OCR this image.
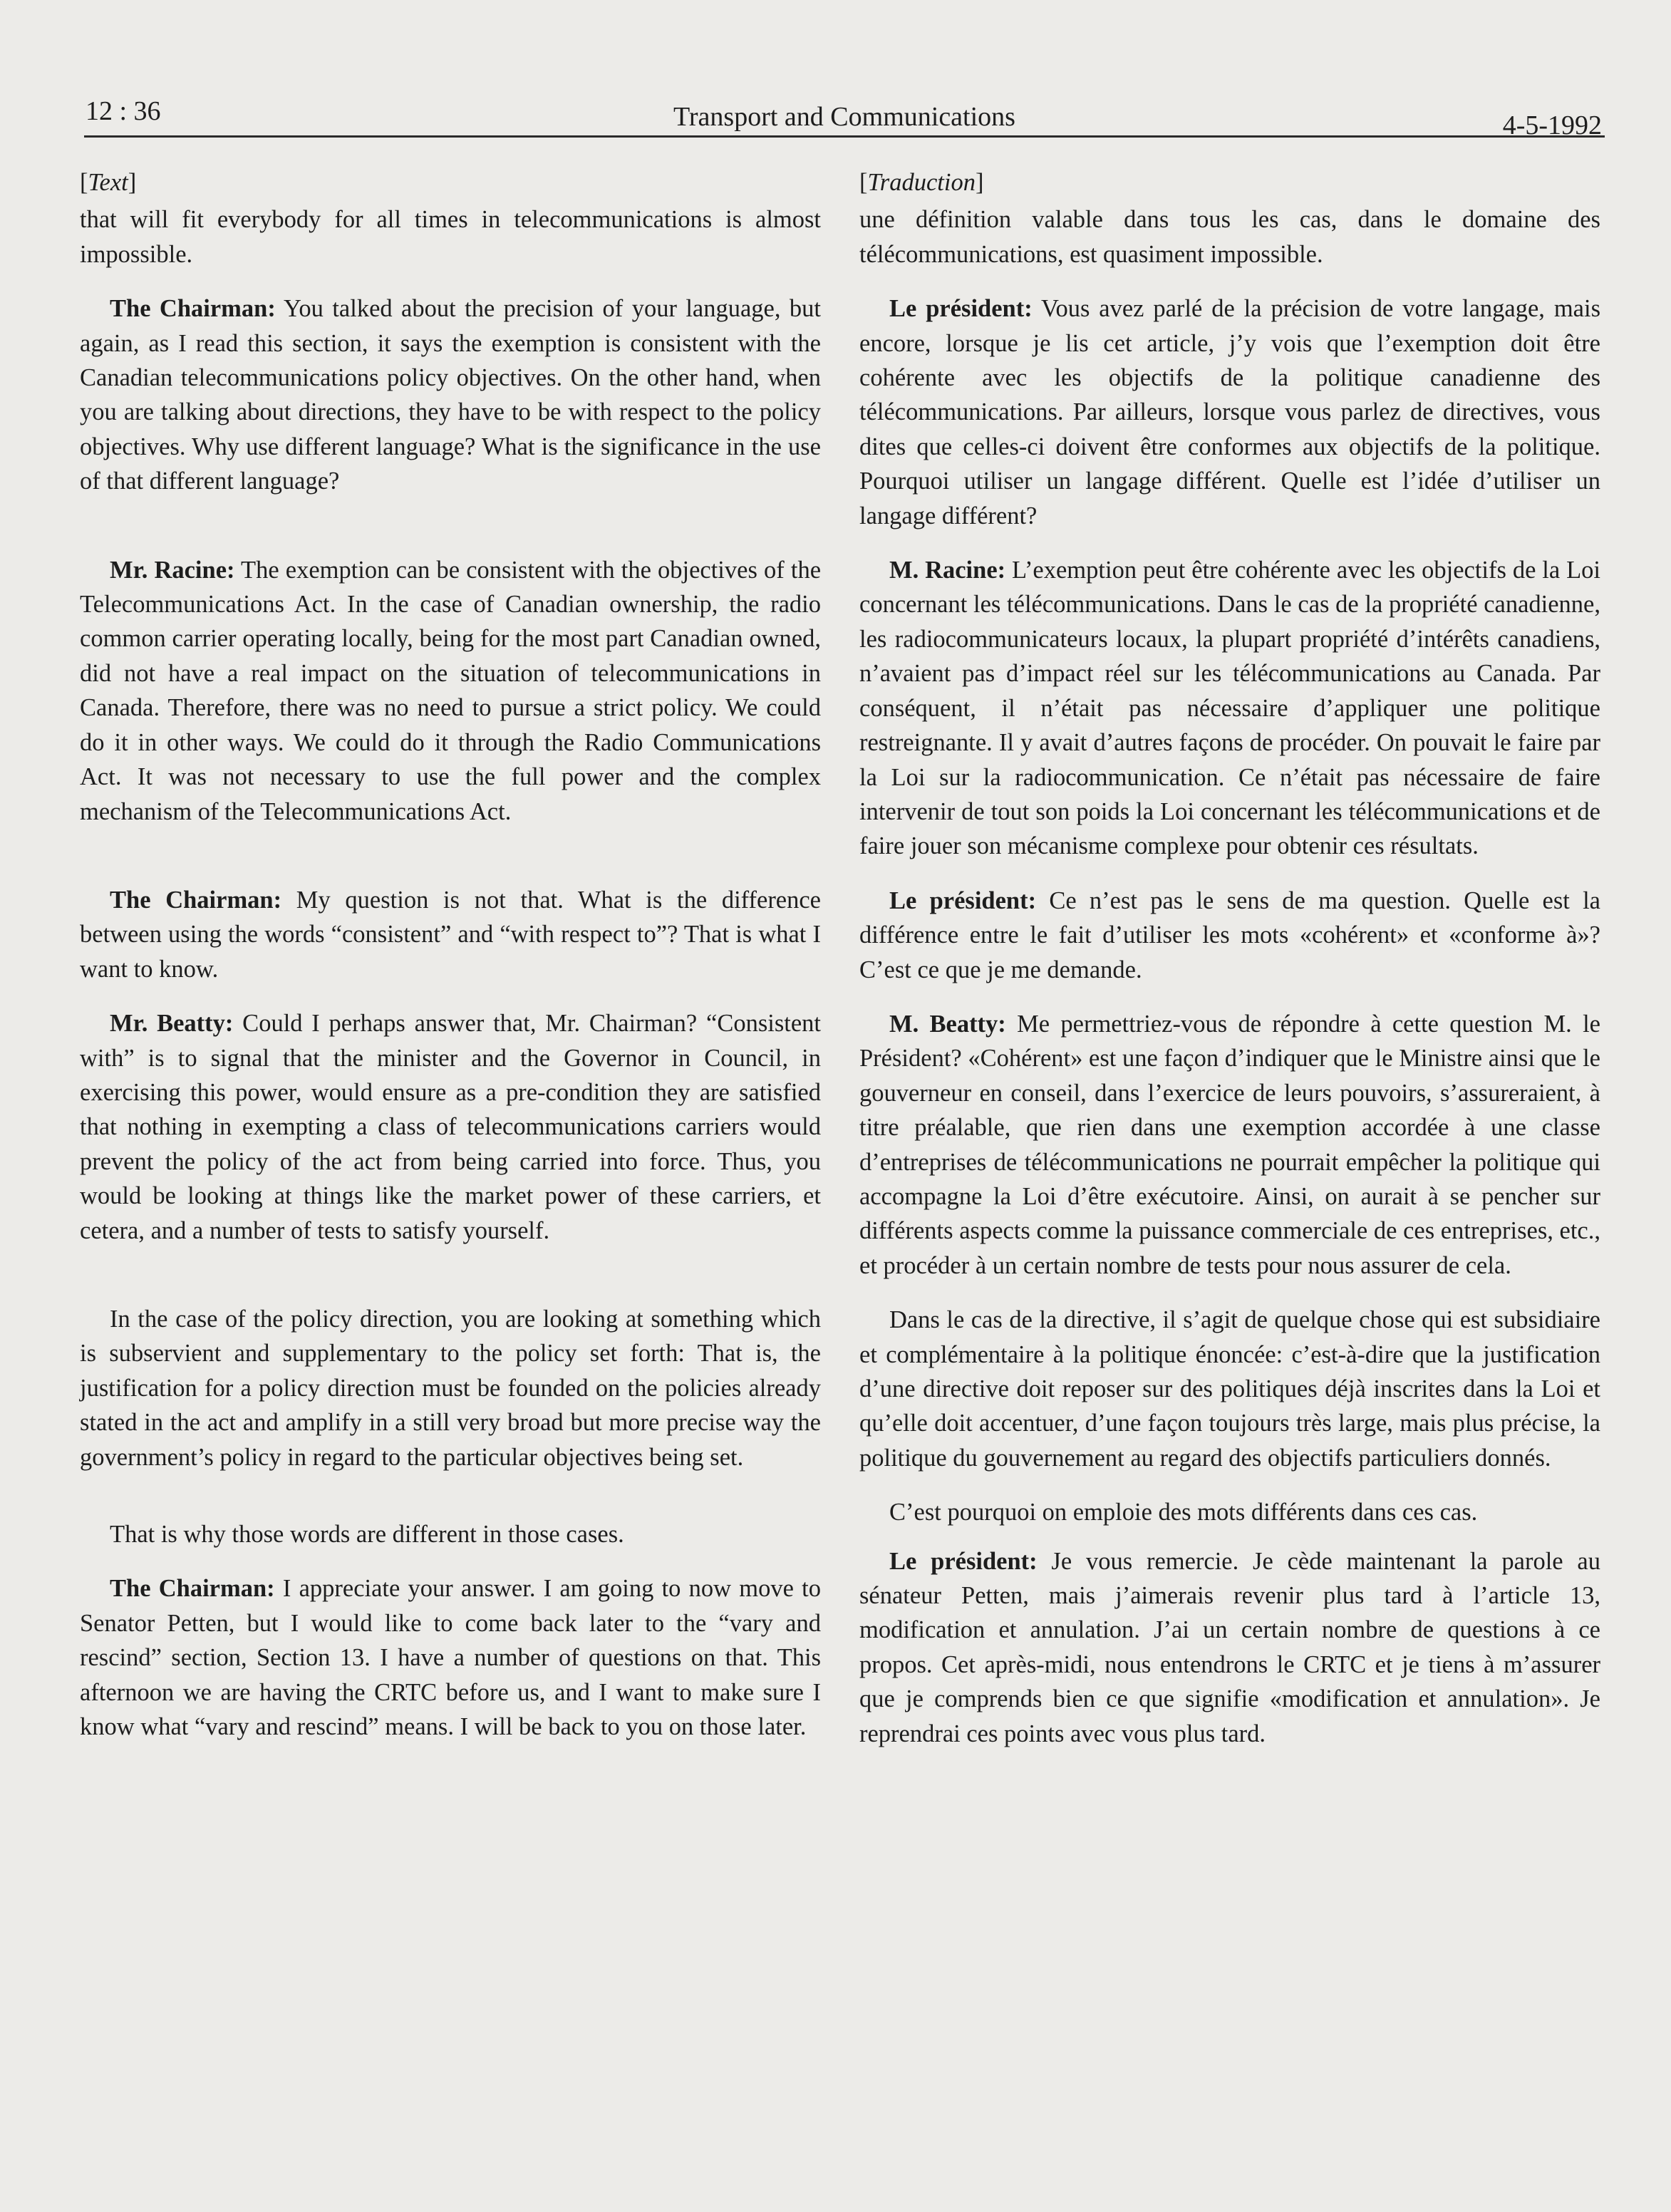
12 : 36	Transport and Communications	4-5-1992

[Text]

that will fit everybody for all times in telecommunications is almost impossible.

The Chairman: You talked about the precision of your language, but again, as I read this section, it says the exemption is consistent with the Canadian telecommunications policy objectives. On the other hand, when you are talking about directions, they have to be with respect to the policy objectives. Why use different language? What is the significance in the use of that different language?

Mr. Racine: The exemption can be consistent with the objectives of the Telecommunications Act. In the case of Canadian ownership, the radio common carrier operating locally, being for the most part Canadian owned, did not have a real impact on the situation of telecommunications in Canada. Therefore, there was no need to pursue a strict policy. We could do it in other ways. We could do it through the Radio Communications Act. It was not necessary to use the full power and the complex mechanism of the Telecommunications Act.

The Chairman: My question is not that. What is the difference between using the words “consistent” and “with respect to”? That is what I want to know.

Mr. Beatty: Could I perhaps answer that, Mr. Chairman? “Consistent with” is to signal that the minister and the Governor in Council, in exercising this power, would ensure as a pre-condition they are satisfied that nothing in exempting a class of telecommunications carriers would prevent the policy of the act from being carried into force. Thus, you would be looking at things like the market power of these carriers, et cetera, and a number of tests to satisfy yourself.

In the case of the policy direction, you are looking at something which is subservient and supplementary to the policy set forth: That is, the justification for a policy direction must be founded on the policies already stated in the act and amplify in a still very broad but more precise way the government’s policy in regard to the particular objectives being set.

That is why those words are different in those cases.

The Chairman: I appreciate your answer. I am going to now move to Senator Petten, but I would like to come back later to the “vary and rescind” section, Section 13. I have a number of questions on that. This afternoon we are having the CRTC before us, and I want to make sure I know what “vary and rescind” means. I will be back to you on those later.

[Traduction]

une définition valable dans tous les cas, dans le domaine des télécommunications, est quasiment impossible.

Le président: Vous avez parlé de la précision de votre langage, mais encore, lorsque je lis cet article, j’y vois que l’exemption doit être cohérente avec les objectifs de la politique canadienne des télécommunications. Par ailleurs, lorsque vous parlez de directives, vous dites que celles-ci doivent être conformes aux objectifs de la politique. Pourquoi utiliser un langage différent. Quelle est l’idée d’utiliser un langage différent?

M. Racine: L’exemption peut être cohérente avec les objectifs de la Loi concernant les télécommunications. Dans le cas de la propriété canadienne, les radiocommunicateurs locaux, la plupart propriété d’intérêts canadiens, n’avaient pas d’impact réel sur les télécommunications au Canada. Par conséquent, il n’était pas nécessaire d’appliquer une politique restreignante. Il y avait d’autres façons de procéder. On pouvait le faire par la Loi sur la radiocommunication. Ce n’était pas nécessaire de faire intervenir de tout son poids la Loi concernant les télécommunications et de faire jouer son mécanisme complexe pour obtenir ces résultats.

Le président: Ce n’est pas le sens de ma question. Quelle est la différence entre le fait d’utiliser les mots «cohérent» et «conforme à»? C’est ce que je me demande.

M. Beatty: Me permettriez-vous de répondre à cette question M. le Président? «Cohérent» est une façon d’indiquer que le Ministre ainsi que le gouverneur en conseil, dans l’exercice de leurs pouvoirs, s’assureraient, à titre préalable, que rien dans une exemption accordée à une classe d’entreprises de télécommunications ne pourrait empêcher la politique qui accompagne la Loi d’être exécutoire. Ainsi, on aurait à se pencher sur différents aspects comme la puissance commerciale de ces entreprises, etc., et procéder à un certain nombre de tests pour nous assurer de cela.

Dans le cas de la directive, il s’agit de quelque chose qui est subsidiaire et complémentaire à la politique énoncée: c’est-à-dire que la justification d’une directive doit reposer sur des politiques déjà inscrites dans la Loi et qu’elle doit accentuer, d’une façon toujours très large, mais plus précise, la politique du gouvernement au regard des objectifs particuliers donnés.

C’est pourquoi on emploie des mots différents dans ces cas.

Le président: Je vous remercie. Je cède maintenant la parole au sénateur Petten, mais j’aimerais revenir plus tard à l’article 13, modification et annulation. J’ai un certain nombre de questions à ce propos. Cet après-midi, nous entendrons le CRTC et je tiens à m’assurer que je comprends bien ce que signifie «modification et annulation». Je reprendrai ces points avec vous plus tard.
